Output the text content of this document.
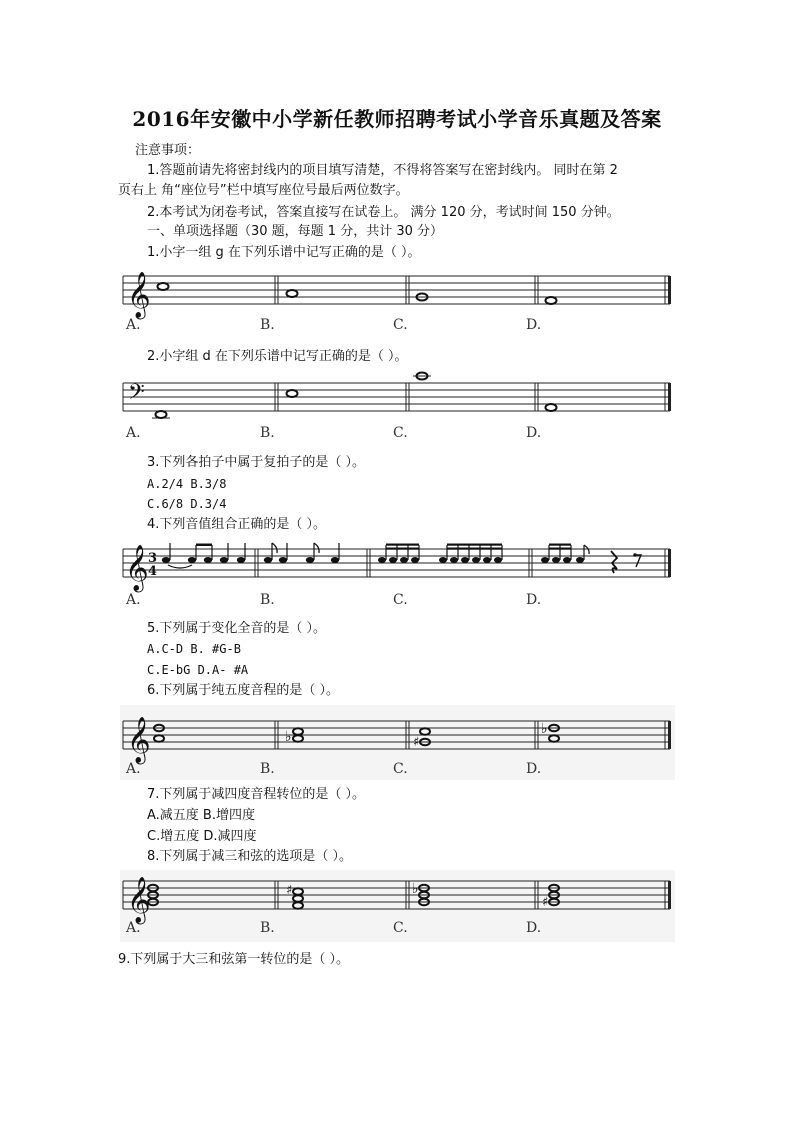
2016年安徽中小学新任教师招聘考试小学音乐真题及答案
注意事项：
1.答题前请先将密封线内的项目填写清楚，不得将答案写在密封线内。 同时在第 2
页右上 角“座位号”栏中填写座位号最后两位数字。
2.本考试为闭卷考试，答案直接写在试卷上。 满分 120 分，考试时间 150 分钟。
一、单项选择题（30 题，每题 1 分，共计 30 分）
1.小字一组 g 在下列乐谱中记写正确的是（ ）。
𝄞
A.	B.	C.	D.
2.小字组 d 在下列乐谱中记写正确的是（ ）。
𝄢
A.	B.	C.	D.
3.下列各拍子中属于复拍子的是（ ）。
A.2/4 B.3/8
C.6/8 D.3/4
4.下列音值组合正确的是（ ）。
𝄞 3
4
A.	B.	C.	D.
5.下列属于变化全音的是（ ）。
A.C-D B. #G-B
C.E-bG D.A- #A
6.下列属于纯五度音程的是（ ）。
𝄞	♭	♯
♭
A.	B.	C.	D.
7.下列属于减四度音程转位的是（ ）。
A.减五度 B.增四度
C.增五度 D.减四度
8.下列属于减三和弦的选项是（ ）。
𝄞	♯	♭
♯
A.	B.	C.	D.
9.下列属于大三和弦第一转位的是（ ）。
